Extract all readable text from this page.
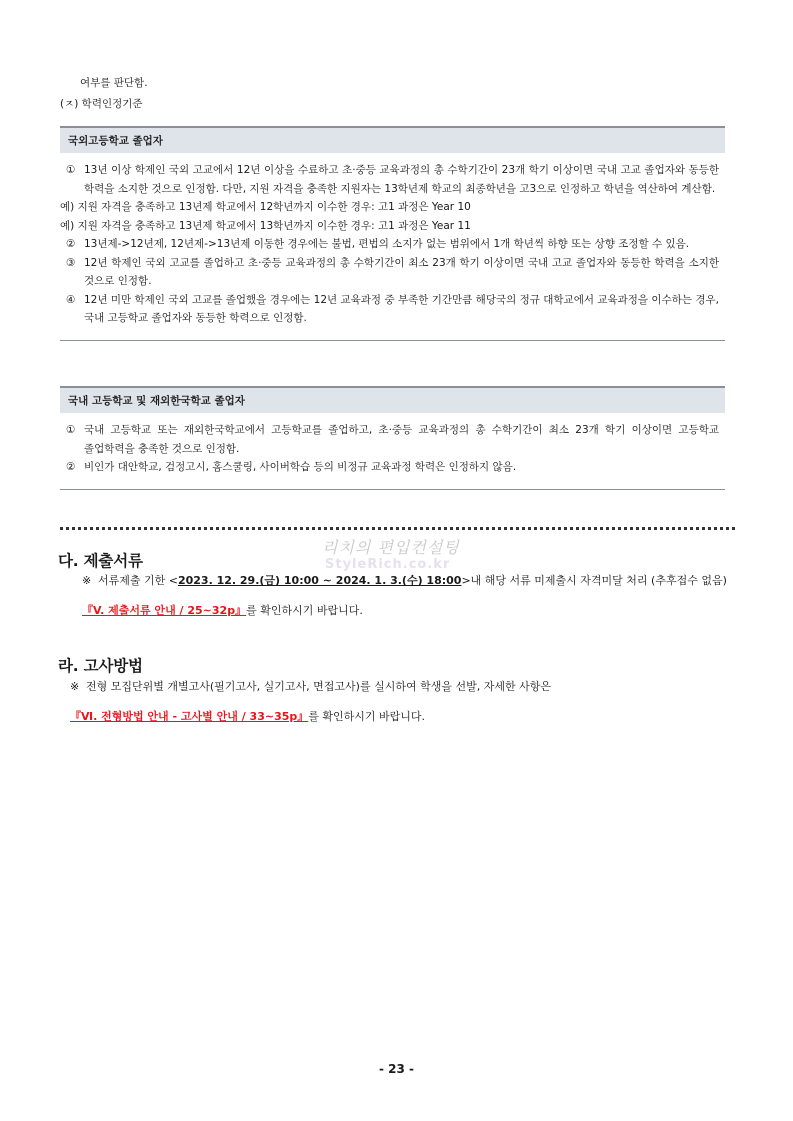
여부를 판단함.
(ㅈ) 학력인정기준
국외고등학교 졸업자
① 13년 이상 학제인 국외 고교에서 12년 이상을 수료하고 초·중등 교육과정의 총 수학기간이 23개 학기 이상이면 국내 고교 졸업자와 동등한 학력을 소지한 것으로 인정함. 다만, 지원 자격을 충족한 지원자는 13학년제 학교의 최종학년을 고3으로 인정하고 학년을 역산하여 계산함.
예) 지원 자격을 충족하고 13년제 학교에서 12학년까지 이수한 경우: 고1 과정은 Year 10
예) 지원 자격을 충족하고 13년제 학교에서 13학년까지 이수한 경우: 고1 과정은 Year 11
② 13년제->12년제, 12년제->13년제 이동한 경우에는 불법, 편법의 소지가 없는 범위에서 1개 학년씩 하향 또는 상향 조정할 수 있음.
③ 12년 학제인 국외 고교를 졸업하고 초·중등 교육과정의 총 수학기간이 최소 23개 학기 이상이면 국내 고교 졸업자와 동등한 학력을 소지한 것으로 인정함.
④ 12년 미만 학제인 국외 고교를 졸업했을 경우에는 12년 교육과정 중 부족한 기간만큼 해당국의 정규 대학교에서 교육과정을 이수하는 경우, 국내 고등학교 졸업자와 동등한 학력으로 인정함.
국내 고등학교 및 재외한국학교 졸업자
① 국내 고등학교 또는 재외한국학교에서 고등학교를 졸업하고, 초·중등 교육과정의 총 수학기간이 최소 23개 학기 이상이면 고등학교 졸업학력을 충족한 것으로 인정함.
② 비인가 대안학교, 검정고시, 홈스쿨링, 사이버학습 등의 비정규 교육과정 학력은 인정하지 않음.
리치의 편입컨설팅
StyleRich.co.kr
다. 제출서류
※ 서류제출 기한 <2023. 12. 29.(금) 10:00 ~ 2024. 1. 3.(수) 18:00>내 해당 서류 미제출시 자격미달 처리 (추후접수 없음) 『V. 제출서류 안내 / 25~32p』를 확인하시기 바랍니다.
라. 고사방법
※ 전형 모집단위별 개별고사(필기고사, 실기고사, 면접고사)를 실시하여 학생을 선발, 자세한 사항은
『Ⅵ. 전형방법 안내 - 고사별 안내 / 33~35p』를 확인하시기 바랍니다.
- 23 -
